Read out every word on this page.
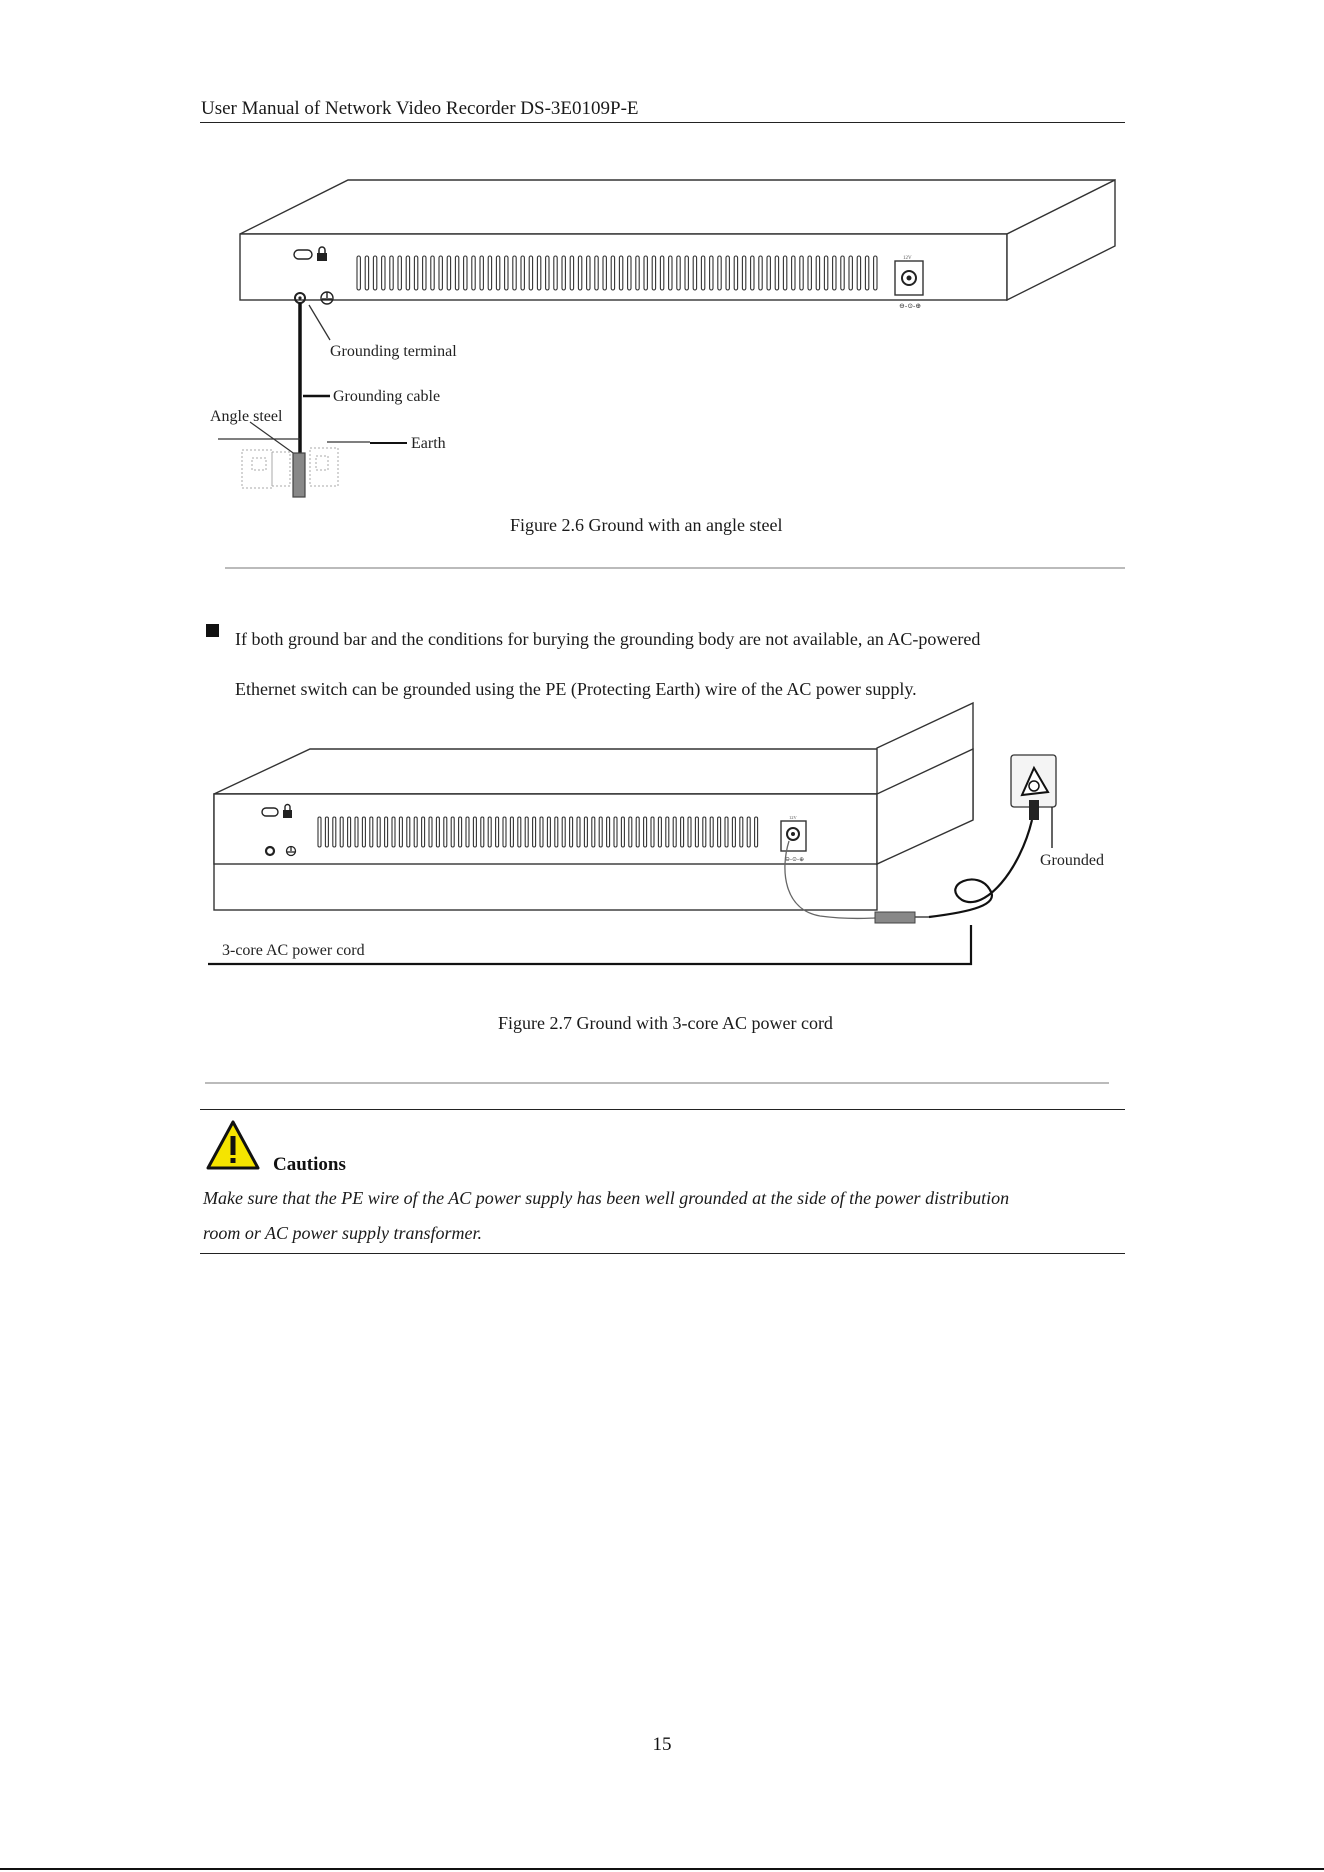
User Manual of Network Video Recorder DS-3E0109P-E
12V
⊖-⊙-⊕
Grounding terminal
Grounding cable
Angle steel
Earth
Figure 2.6 Ground with an angle steel
If both ground bar and the conditions for burying the grounding body are not available, an AC-powered
Ethernet switch can be grounded using the PE (Protecting Earth) wire of the AC power supply.
12V
⊖-⊙-⊕	Grounded
3-core AC power cord
Figure 2.7 Ground with 3-core AC power cord
Cautions
Make sure that the PE wire of the AC power supply has been well grounded at the side of the power distribution
room or AC power supply transformer.
15
